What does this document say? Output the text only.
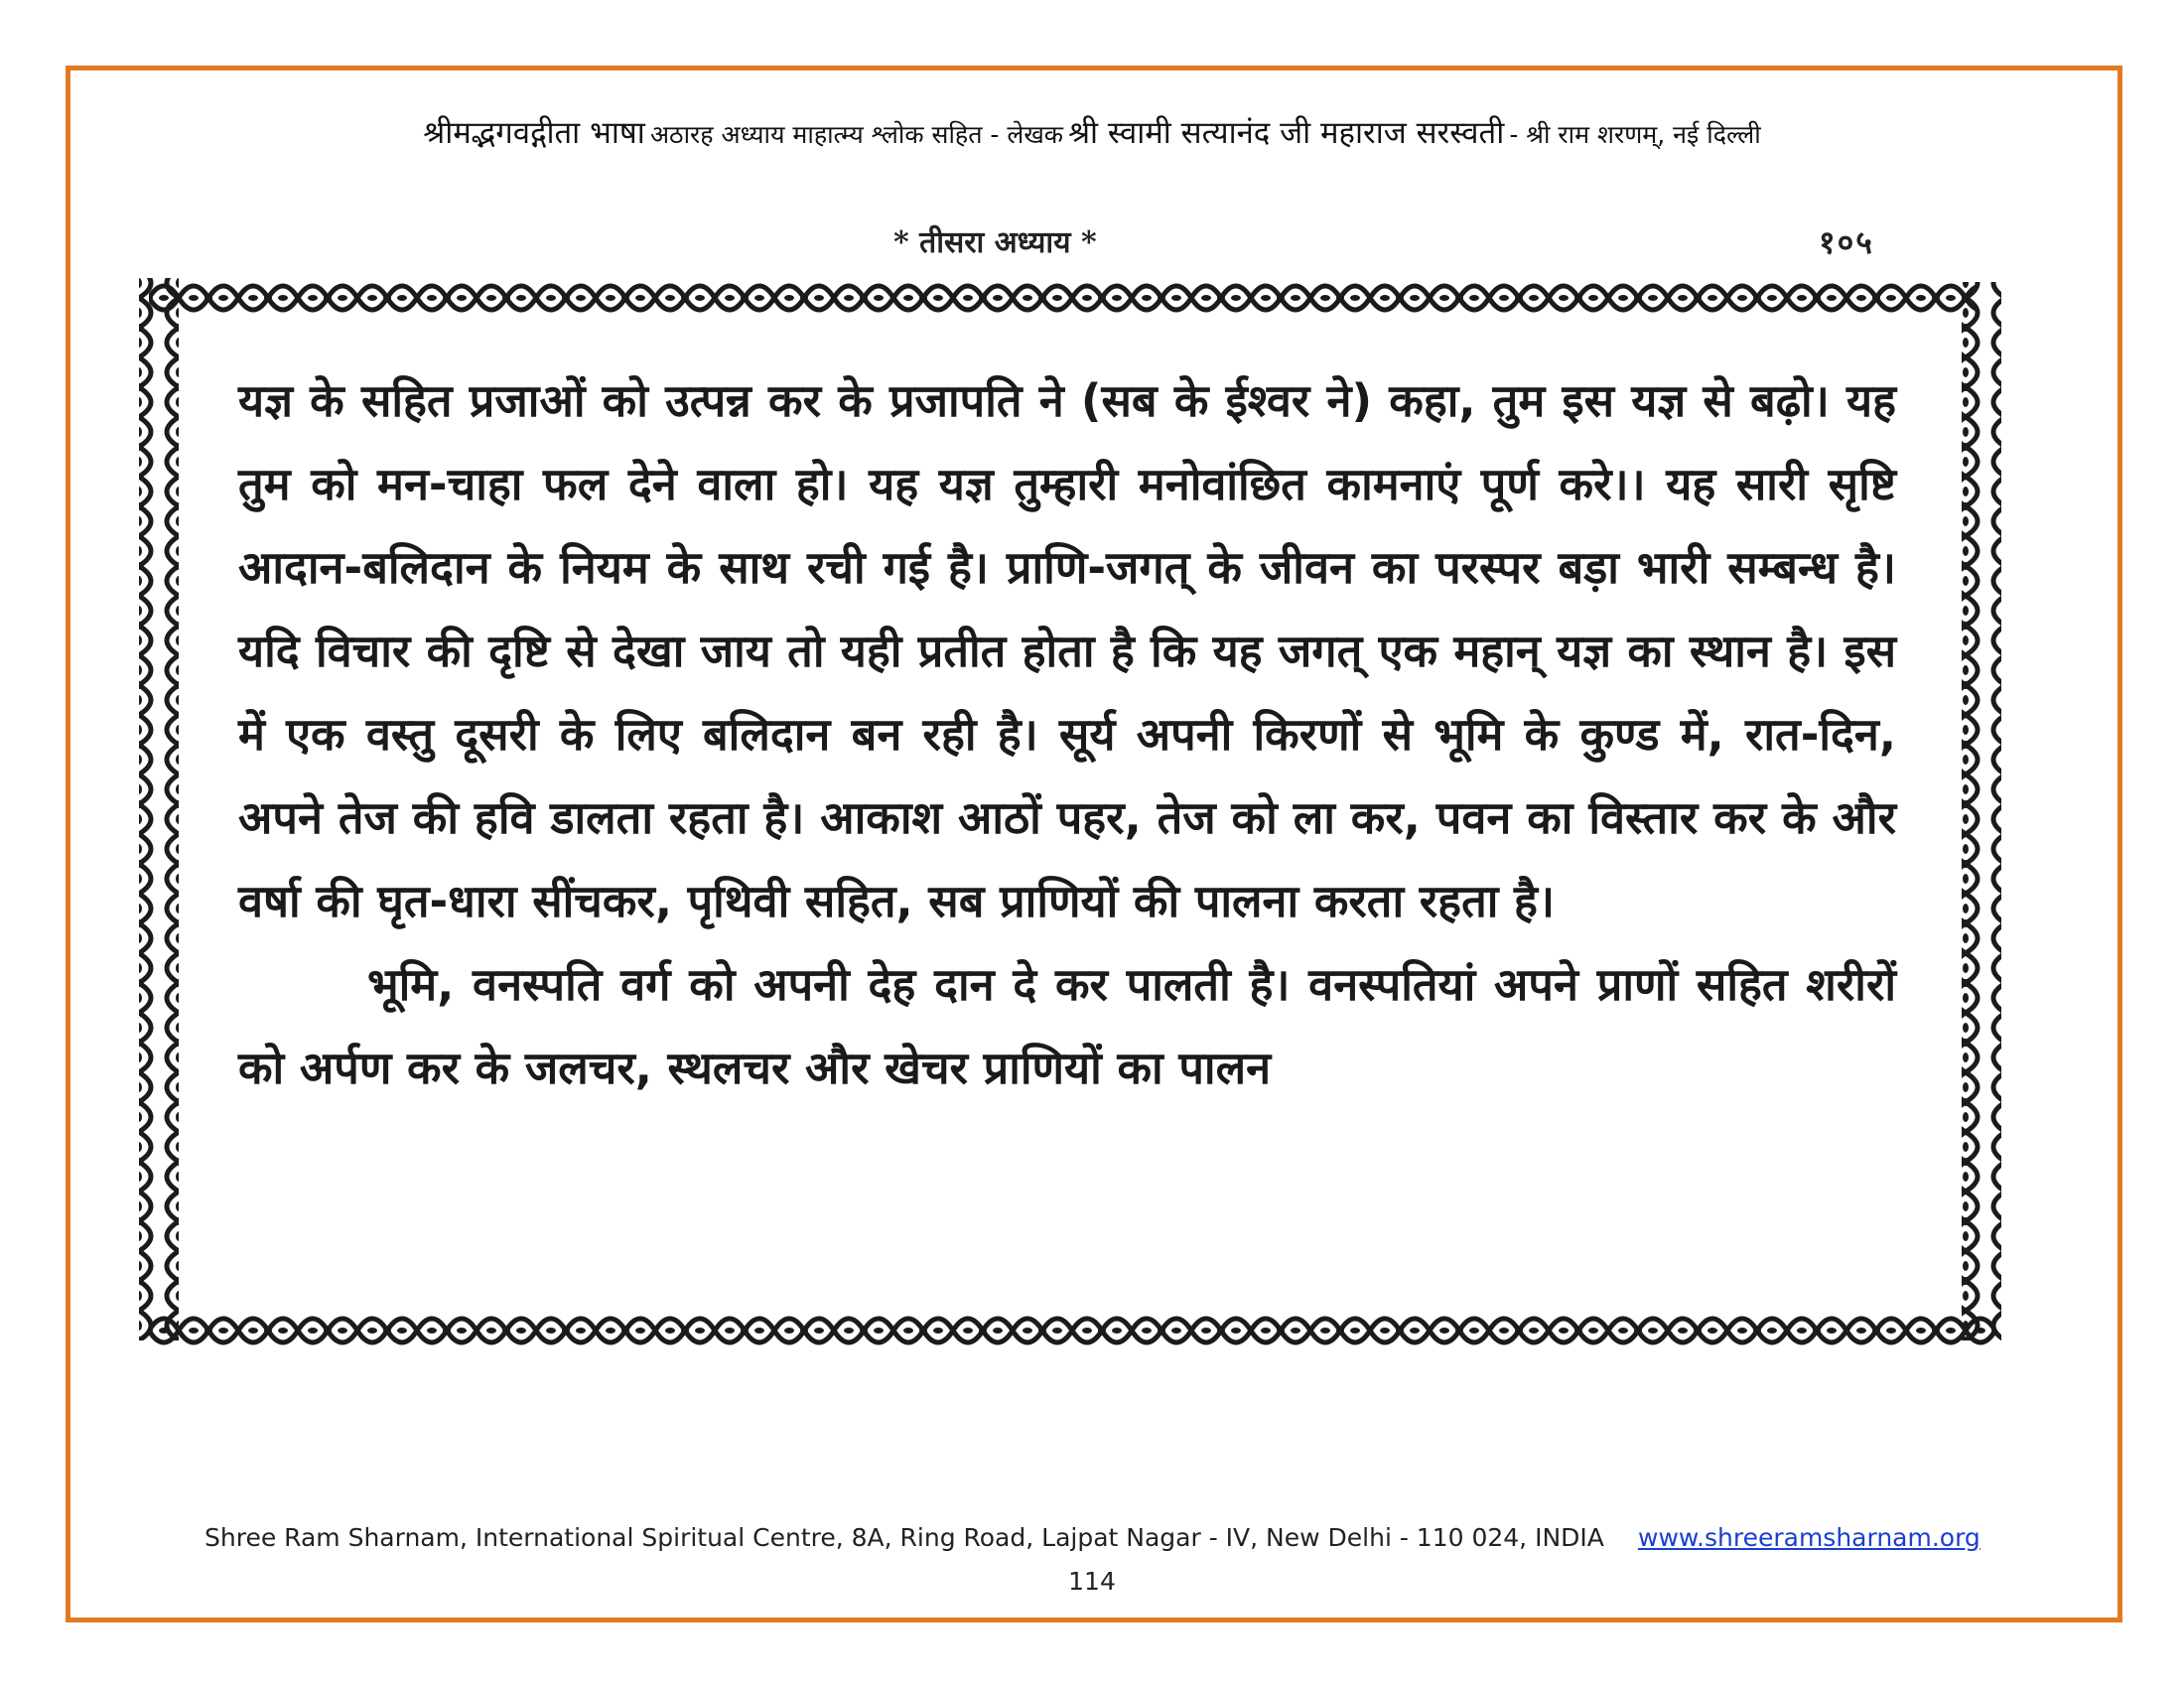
श्रीमद्भगवद्गीता भाषा अठारह अध्याय माहात्म्य श्लोक सहित - लेखक श्री स्वामी सत्यानंद जी महाराज सरस्वती - श्री राम शरणम्, नई दिल्ली
* तीसरा अध्याय *	१०५

यज्ञ के सहित प्रजाओं को उत्पन्न कर के प्रजापति ने (सब के ईश्वर ने) कहा, तुम इस यज्ञ से बढ़ो। यह तुम को मन-चाहा फल देने वाला हो। यह यज्ञ तुम्हारी मनोवांछित कामनाएं पूर्ण करे।। यह सारी सृष्टि आदान-बलिदान के नियम के साथ रची गई है। प्राणि-जगत् के जीवन का परस्पर बड़ा भारी सम्बन्ध है। यदि विचार की दृष्टि से देखा जाय तो यही प्रतीत होता है कि यह जगत् एक महान् यज्ञ का स्थान है। इस में एक वस्तु दूसरी के लिए बलिदान बन रही है। सूर्य अपनी किरणों से भूमि के कुण्ड में, रात-दिन, अपने तेज की हवि डालता रहता है। आकाश आठों पहर, तेज को ला कर, पवन का विस्तार कर के और वर्षा की घृत-धारा सींचकर, पृथिवी सहित, सब प्राणियों की पालना करता रहता है।

भूमि, वनस्पति वर्ग को अपनी देह दान दे कर पालती है। वनस्पतियां अपने प्राणों सहित शरीरों को अर्पण कर के जलचर, स्थलचर और खेचर प्राणियों का पालन

Shree Ram Sharnam, International Spiritual Centre, 8A, Ring Road, Lajpat Nagar - IV, New Delhi - 110 024, INDIA www.shreeramsharnam.org
114
